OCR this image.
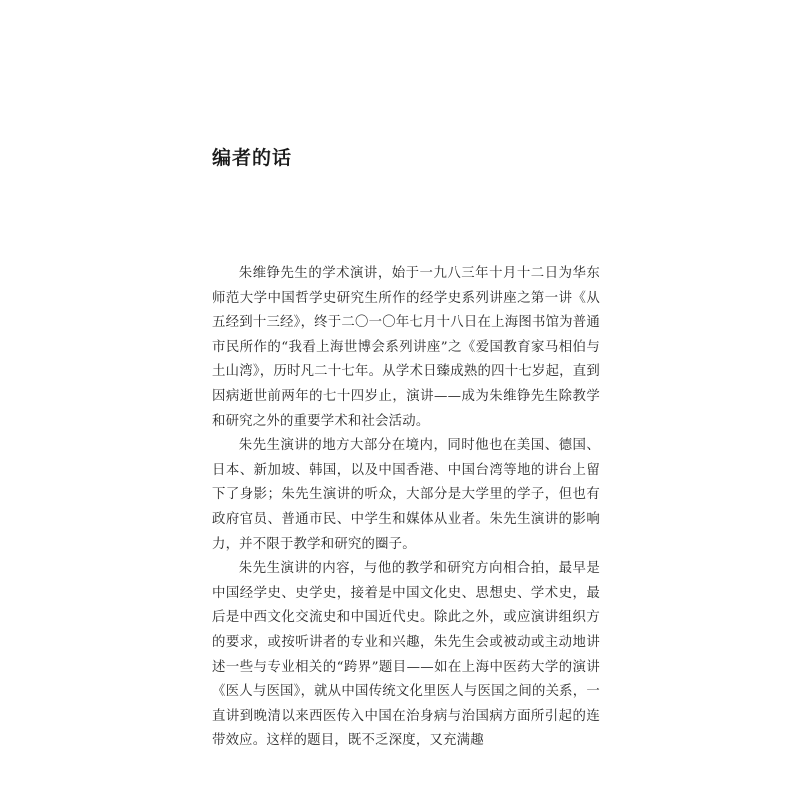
编者的话

朱维铮先生的学术演讲，始于一九八三年十月十二日为华东师范大学中国哲学史研究生所作的经学史系列讲座之第一讲《从五经到十三经》，终于二〇一〇年七月十八日在上海图书馆为普通市民所作的“我看上海世博会系列讲座”之《爱国教育家马相伯与土山湾》，历时凡二十七年。从学术日臻成熟的四十七岁起，直到因病逝世前两年的七十四岁止，演讲——成为朱维铮先生除教学和研究之外的重要学术和社会活动。

朱先生演讲的地方大部分在境内，同时他也在美国、德国、日本、新加坡、韩国，以及中国香港、中国台湾等地的讲台上留下了身影；朱先生演讲的听众，大部分是大学里的学子，但也有政府官员、普通市民、中学生和媒体从业者。朱先生演讲的影响力，并不限于教学和研究的圈子。

朱先生演讲的内容，与他的教学和研究方向相合拍，最早是中国经学史、史学史，接着是中国文化史、思想史、学术史，最后是中西文化交流史和中国近代史。除此之外，或应演讲组织方的要求，或按听讲者的专业和兴趣，朱先生会或被动或主动地讲述一些与专业相关的“跨界”题目——如在上海中医药大学的演讲《医人与医国》，就从中国传统文化里医人与医国之间的关系，一直讲到晚清以来西医传入中国在治身病与治国病方面所引起的连带效应。这样的题目，既不乏深度，又充满趣
